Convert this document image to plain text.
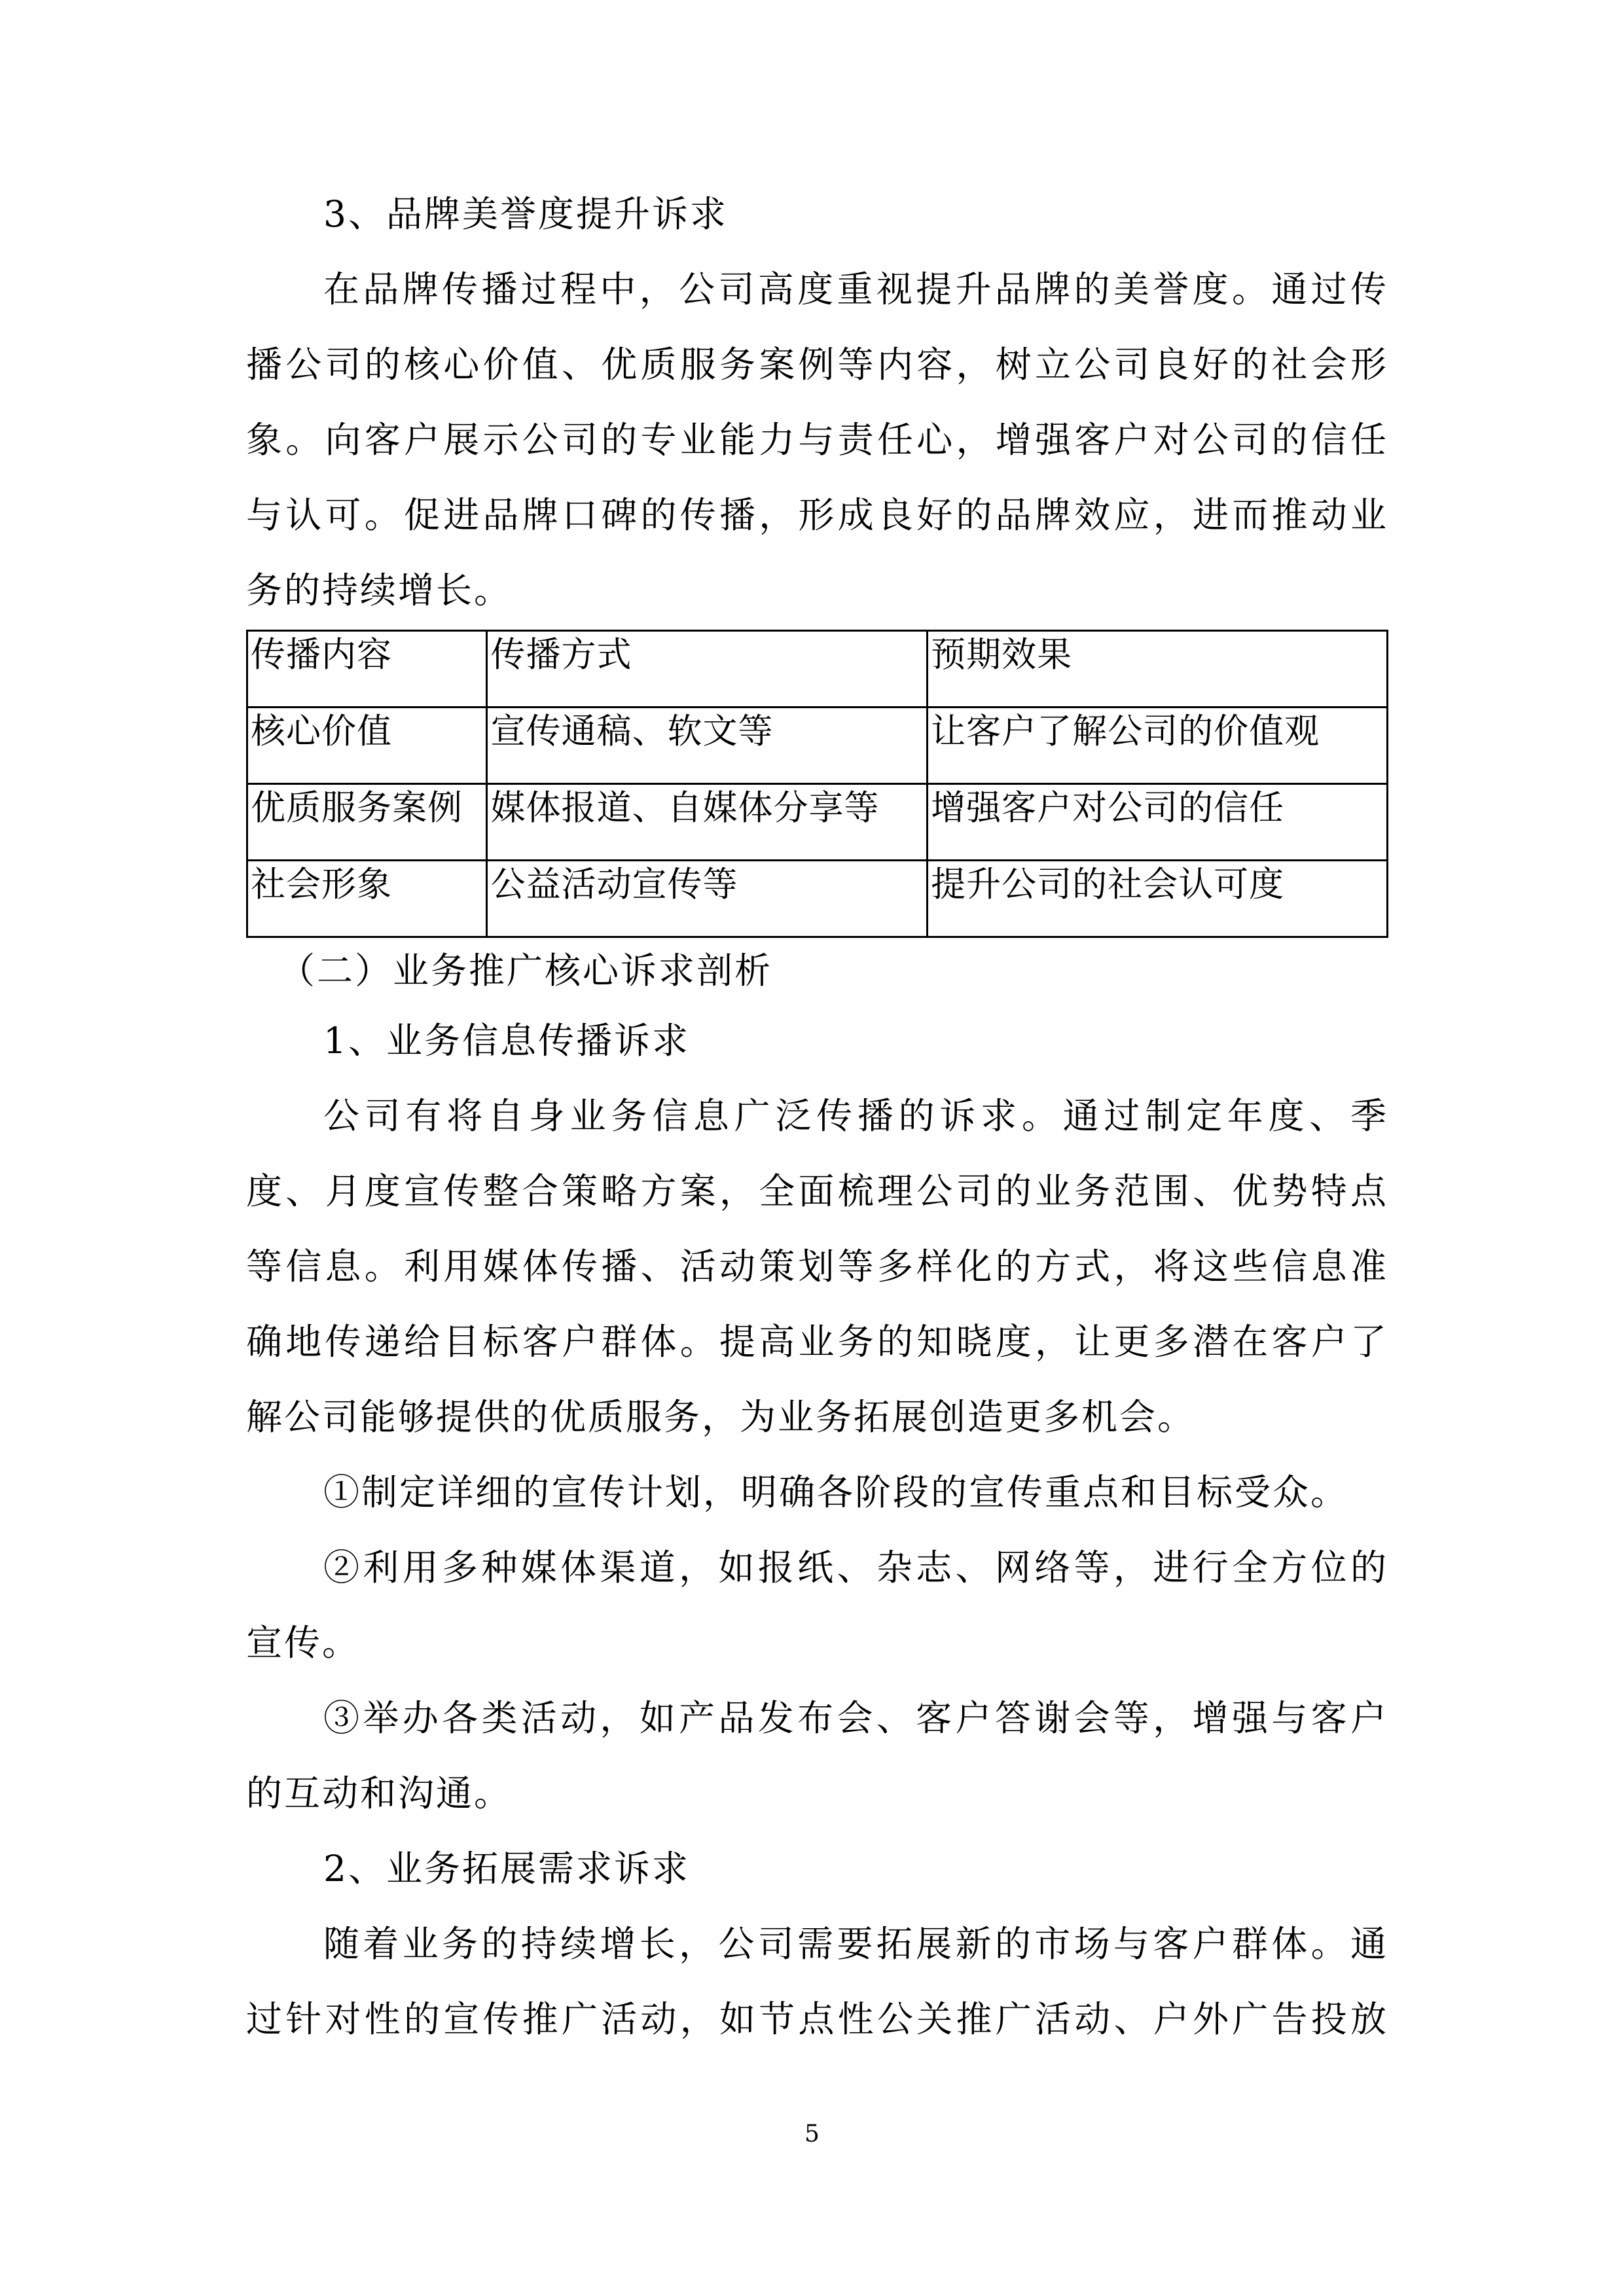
3、品牌美誉度提升诉求
在品牌传播过程中，公司高度重视提升品牌的美誉度。通过传
播公司的核心价值、优质服务案例等内容，树立公司良好的社会形
象。向客户展示公司的专业能力与责任心，增强客户对公司的信任
与认可。促进品牌口碑的传播，形成良好的品牌效应，进而推动业
务的持续增长。
传播内容	传播方式	预期效果
核心价值	宣传通稿、软文等	让客户了解公司的价值观
优质服务案例	媒体报道、自媒体分享等	增强客户对公司的信任
社会形象	公益活动宣传等	提升公司的社会认可度
（二）业务推广核心诉求剖析
1、业务信息传播诉求
公司有将自身业务信息广泛传播的诉求。通过制定年度、季
度、月度宣传整合策略方案，全面梳理公司的业务范围、优势特点
等信息。利用媒体传播、活动策划等多样化的方式，将这些信息准
确地传递给目标客户群体。提高业务的知晓度，让更多潜在客户了
解公司能够提供的优质服务，为业务拓展创造更多机会。
①制定详细的宣传计划，明确各阶段的宣传重点和目标受众。
②利用多种媒体渠道，如报纸、杂志、网络等，进行全方位的
宣传。
③举办各类活动，如产品发布会、客户答谢会等，增强与客户
的互动和沟通。
2、业务拓展需求诉求
随着业务的持续增长，公司需要拓展新的市场与客户群体。通
过针对性的宣传推广活动，如节点性公关推广活动、户外广告投放
5
